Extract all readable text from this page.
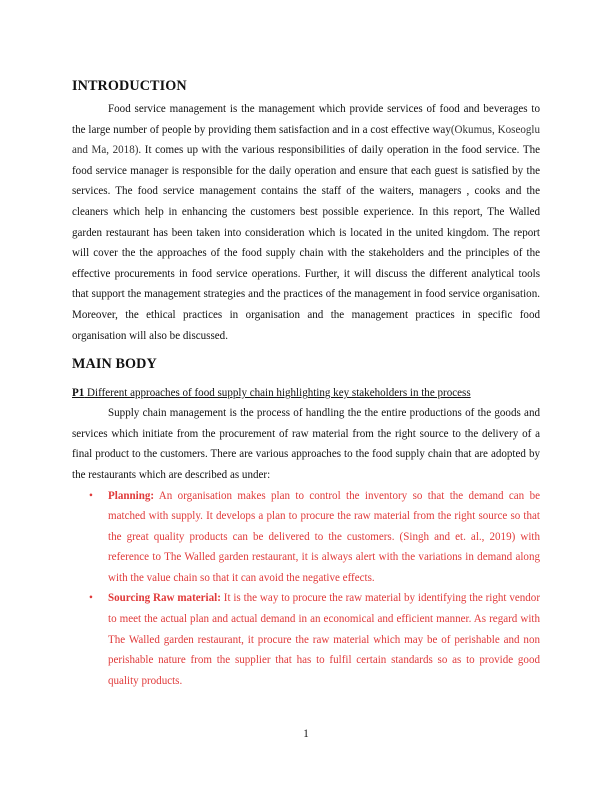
INTRODUCTION

Food service management is the management which provide services of food and beverages to the large number of people by providing them satisfaction and in a cost effective way(Okumus, Koseoglu and Ma, 2018). It comes up with the various responsibilities of daily operation in the food service. The food service manager is responsible for the daily operation and ensure that each guest is satisfied by the services. The food service management contains the staff of the waiters, managers , cooks and the cleaners which help in enhancing the customers best possible experience. In this report, The Walled garden restaurant has been taken into consideration which is located in the united kingdom. The report will cover the the approaches of the food supply chain with the stakeholders and the principles of the effective procurements in food service operations. Further, it will discuss the different analytical tools that support the management strategies and the practices of the management in food service organisation. Moreover, the ethical practices in organisation and the management practices in specific food organisation will also be discussed.

MAIN BODY
P1 Different approaches of food supply chain highlighting key stakeholders in the process

Supply chain management is the process of handling the the entire productions of the goods and services which initiate from the procurement of raw material from the right source to the delivery of a final product to the customers. There are various approaches to the food supply chain that are adopted by the restaurants which are described as under:

• Planning: An organisation makes plan to control the inventory so that the demand can be matched with supply. It develops a plan to procure the raw material from the right source so that the great quality products can be delivered to the customers. (Singh and et. al., 2019) with reference to The Walled garden restaurant, it is always alert with the variations in demand along with the value chain so that it can avoid the negative effects.
• Sourcing Raw material: It is the way to procure the raw material by identifying the right vendor to meet the actual plan and actual demand in an economical and efficient manner. As regard with The Walled garden restaurant, it procure the raw material which may be of perishable and non perishable nature from the supplier that has to fulfil certain standards so as to provide good quality products.
1
